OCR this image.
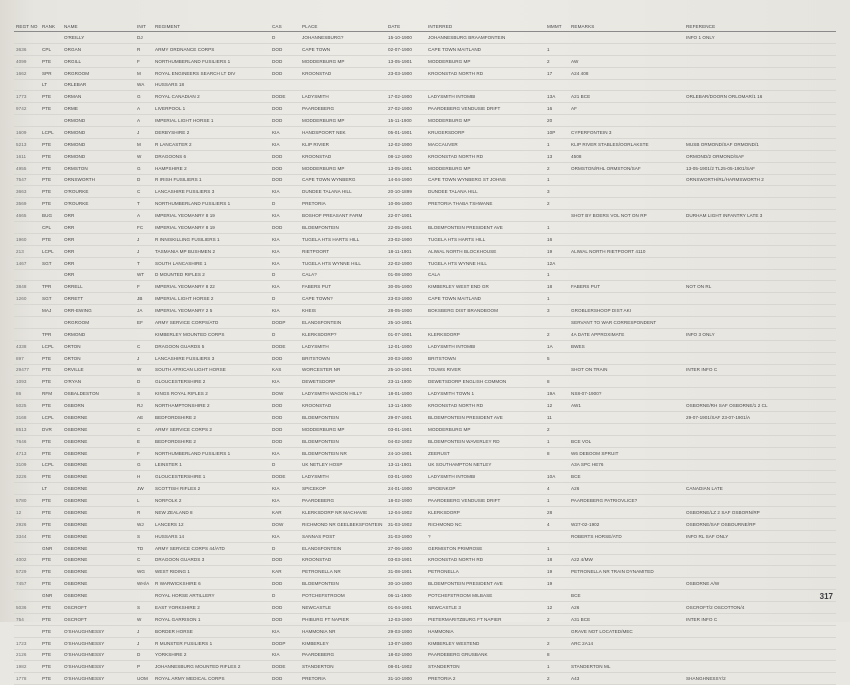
REGT NO	RANK	NAME	INIT	REGIMENT	CAS	PLACE	DATE	INTERRED	MMMT	REMARKS	REFERENCE
		O'REILLY	DJ		D	JOHANNESBURG?	15-10-1900	JOHANNESBURG BRAAMFONTEIN			INFO 1 ONLY
3636	CPL	ORGAN	R	ARMY ORDNANCE CORPS	DOD	CAPE TOWN	02-07-1900	CAPE TOWN MAITLAND	1		
4099	PTE	ORGILL	F	NORTHUMBERLAND FUSILIERS 1	DOD	MODDERBURG MP	13-05-1901	MODDERBURG MP	2	AW	
1662	SPR	ORGROOM	M	ROYAL ENGINEERS SEARCH LT DIV	DOD	KROONSTAD	23-03-1900	KROONSTAD NORTH RD	17	A24 408	
	LT	ORLEBAR	WA	HUSSARS 18							
1773	PTE	ORMAN	G	ROYAL CANADIAN 2	DODE	LADYSMITH	17-02-1900	LADYSMITH INTOMBI	13A	A21 BCE	ORLEBAR/DOORN ORLOMAR/1 16
9742	PTE	ORME	A	LIVERPOOL 1	DOD	PAARDEBERG	27-02-1900	PAARDEBERG VENDUSIE DRIFT	16	AF	
		ORMOND	A	IMPERIAL LIGHT HORSE 1	DOD	MODDERBURG MP	15-11-1900	MODDERBURG MP	20		
1609	LCPL	ORMOND	J	DERBYSHIRE 2	KIA	HANDSPOORT NEK	05-01-1901	KRUGERSDORP	10P	CYPERFONTEIN 3	
5213	PTE	ORMOND	M	R LANCASTER 2	KIA	KLIP RIVIER	12-02-1900	MACCAUVER	1	KLIP RIVER STABLES/OORLAKSTE	MUSB ORMOND/SAF ORMOND/1
1611	PTE	ORMOND	W	DRAGOONS 6	DOD	KROONSTAD	08-12-1900	KROONSTAD NORTH RD	13	4508	ORMOND/2 ORMOND/SAF
4955	PTE	ORMSTON	G	HAMPSHIRE 2	DOD	MODDERBURG MP	13-05-1901	MODDERBURG MP	2	ORMSTON/RHL ORMSTON/SAF	13-05-1901/2 TL25-05-1901/SAF
7547	PTE	ORNSWORTH	D	R IRISH FUSILIERS 1	DOD	CAPE TOWN WYNBERG	14-04-1900	CAPE TOWN WYNBERG ST JOHNS	1		ORNSWORTH/RL/HARMSWORTH 2
3663	PTE	O'ROURKE	C	LANCASHIRE FUSILIERS 3	KIA	DUNDEE TALANA HILL	20-10-1899	DUNDEE TALANA HILL	3		
3569	PTE	O'ROURKE	T	NORTHUMBERLAND FUSILIERS 1	D	PRETORIA	10-06-1900	PRETORIA THABA TSHWANE	2		
4665	BUG	ORR	A	IMPERIAL YEOMANRY 8 19	KIA	BOSHOF PREASANT FARM	22-07-1901			SHOT BY BOERS VOL NOT ON RP	DURHAM LIGHT INFANTRY LATE 3
	CPL	ORR	FC	IMPERIAL YEOMANRY 8 19	DOD	BLOEMFONTEIN	22-05-1901	BLOEMFONTEIN PRESIDENT AVE	1		
1960	PTE	ORR	J	R INNISKILLING FUSILIERS 1	KIA	TUGELA HTS HARTS HILL	23-02-1900	TUGELA HTS HARTS HILL	16		
213	LCPL	ORR	J	TASMANIA MP BUSHMEN 2	KIA	RIETPOORT	18-11-1901	ALIWAL NORTH BLOCKHOUSE	19	ALIWAL NORTH RIETPOORT 4110	
1467	SGT	ORR	T	SOUTH LANCASHIRE 1	KIA	TUGELA HTS WYNNE HILL	22-02-1900	TUGELA HTS WYNNE HILL	12A		
		ORR	WT	D MOUNTED RIFLES 2	D	CALA?	01-08-1900	CALA	1		
3848	TPR	ORRELL	F	IMPERIAL YEOMANRY 8 22	KIA	FABERS PUT	30-05-1900	KIMBERLEY WEST END GR	18	FABERS PUT	NOT ON RL
1260	SGT	ORRETT	JB	IMPERIAL LIGHT HORSE 2	D	CAPE TOWN?	23-03-1900	CAPE TOWN MAITLAND	1		
	MAJ	ORR-EWING	JA	IMPERIAL YEOMANRY 2 5	KIA	KHEIS	28-05-1900	BOKSBERG DIST BRANDBOOM	3	GROBLERSHOOP DIST AKI	
		ORGROOM	EF	ARMY SERVICE CORPS/ATD	DODP	ELANDSFONTEIN	25-10-1901			SERVANT TO WAR CORRESPONDENT	
	TPR	ORMOND		KIMBERLEY MOUNTED CORPS	D	KLERKSDORP?	01-07-1901	KLERKSDORP	2	4A DATE APPROXIMATE	INFO 3 ONLY
4338	LCPL	ORTON	C	DRAGOON GUARDS 5	DODE	LADYSMITH	12-01-1900	LADYSMITH INTOMBI	1A	BWES	
897	PTE	ORTON	J	LANCASHIRE FUSILIERS 3	DOD	BRITSTOWN	20-03-1900	BRITSTOWN	5		
29477	PTE	ORVILLE	W	SOUTH AFRICAN LIGHT HORSE	KAS	WORCESTER NR	25-10-1901	TOUWS RIVER		SHOT ON TRAIN	INTER INFO C
1093	PTE	O'RYAN	D	GLOUCESTERSHIRE 2	KIA	DEWETSDORP	23-11-1900	DEWETSDORP ENGLISH COMMON	8		
86	RFM	OSBALDESTON	S	KINGS ROYAL RIFLES 2	DOW	LADYSMITH WAGON HILL?	18-01-1900	LADYSMITH TOWN 1	19A	NS8-07-1900?	
5025	PTE	OSBORN	RJ	NORTHAMPTONSHIRE 2	DOD	KROONSTAD	13-11-1900	KROONSTAD NORTH RD	12	AW1	OSBORNE/RH SAF OSBORNE/1 2 CL
3168	LCPL	OSBORNE	AE	BEDFORDSHIRE 2	DOD	BLOEMFONTEIN	29-07-1901	BLOEMFONTEIN PRESIDENT AVE	11		29-07-1901/SAF 23-07-1901/A
8513	DVR	OSBORNE	C	ARMY SERVICE CORPS 2	DOD	MODDERBURG MP	03-01-1901	MODDERBURG MP	2		
7646	PTE	OSBORNE	E	BEDFORDSHIRE 2	DOD	BLOEMFONTEIN	04-02-1902	BLOEMFONTEIN WAVERLEY RD	1	BCE VOL	
4713	PTE	OSBORNE	F	NORTHUMBERLAND FUSILIERS 1	KIA	BLOEMFONTEIN NR	24-10-1901	ZEERUST	8	W6 DEBOOM SPRUIT	
3109	LCPL	OSBORNE	G	LEINSTER 1	D	UK NETLEY HOSP	13-11-1901	UK SOUTHAMPTON NETLEY		A3A SPC HE76	
3226	PTE	OSBORNE	H	GLOUCESTERSHIRE 1	DODE	LADYSMITH	03-01-1900	LADYSMITH INTOMBI	10A	BCE	
	LT	OSBORNE	JW	SCOTTISH RIFLES 2	KIA	SPICEKOP	24-01-1900	SPIOENKOP	4	A26	CANADIAN LATE
5780	PTE	OSBORNE	L	NORFOLK 2	KIA	PAARDEBERG	18-02-1900	PAARDEBERG VENDUSIE DRIFT	1	PAARDEBERG PATRIOVLICE?	
12	PTE	OSBORNE	R	NEW ZEALAND 8	KAR	KLERKSDORP NR MACHAVIE	12-04-1902	KLERKSDORP	28		OSBORNE/LZ 2 SAF OSBORN/RP
2926	PTE	OSBORNE	WJ	LANCERS 12	DOW	RICHMOND NR GEELBEKSFONTEIN	31-03-1902	RICHMOND NC	4	W27-02-1902	OSBORNE/SAF OSBOURNE/RP
3344	PTE	OSBORNE	S	HUSSARS 14	KIA	SANNAS POST	31-03-1900	?		ROBERTS HORSE/ATD	INFO RL SAF ONLY
	GNR	OSBORNE	TD	ARMY SERVICE CORPS 44/ATD	D	ELANDSFONTEIN	27-06-1900	GERMISTON PRIMROSE	1		
4002	PTE	OSBORNE	C	DRAGOON GUARDS 3	DOD	KROONSTAD	03-03-1901	KROONSTAD NORTH RD	18	A22 4/MW	
5729	PTE	OSBORNE	WG	WEST RIDING 1	KAR	PETRONELLA NR	31-08-1901	PETRONELLA	19	PETRONELLA NR TRAIN DYNAMITED	
7457	PTE	OSBORNE	WH/A	R WARWICKSHIRE 6	DOD	BLOEMFONTEIN	30-10-1900	BLOEMFONTEIN PRESIDENT AVE	19		OSBORNE A/W
	GNR	OSBORNE		ROYAL HORSE ARTILLERY	D	POTCHEFSTROOM	06-11-1900	POTCHEFSTROOM MILBASE		BCE	
5036	PTE	OSCROFT	S	EAST YORKSHIRE 2	DOD	NEWCASTLE	01-04-1901	NEWCASTLE 3	12	A26	OSCROFT/2 OSCOTTON/4
754	PTE	OSCROFT	W	ROYAL GARRISON 1	DOD	PHIBURG FT NAPIER	12-03-1900	PIETERMARITZBURG FT NAPIER	2	A31 BCE	INTER INFO C
	PTE	O'SHAUGHNESSY	J	BORDER HORSE	KIA	HAMMONIA NR	29-03-1900	HAMMONIA		GRAVE NOT LOCATED/MEC	
1723	PTE	O'SHAUGHNESSY	J	R MUNSTER FUSILIERS 1	DODP	KIMBERLEY	13-07-1900	KIMBERLEY WESTEND	2	ARC 2A14	
2126	PTE	O'SHAUGHNESSY	D	YORKSHIRE 2	KIA	PAARDEBERG	18-02-1900	PAARDEBERG GRUSBANK	8		
1982	PTE	O'SHAUGHNESSY	P	JOHANNESBURG MOUNTED RIFLES 2	DODE	STANDERTON	08-01-1902	STANDERTON	1	STANDERTON ML	
1778	PTE	O'SHAUGHNESSY	UOM	ROYAL ARMY MEDICAL CORPS	DOD	PRETORIA	31-10-1900	PRETORIA 2	2	A43	SHANGHNESSY/2
317
